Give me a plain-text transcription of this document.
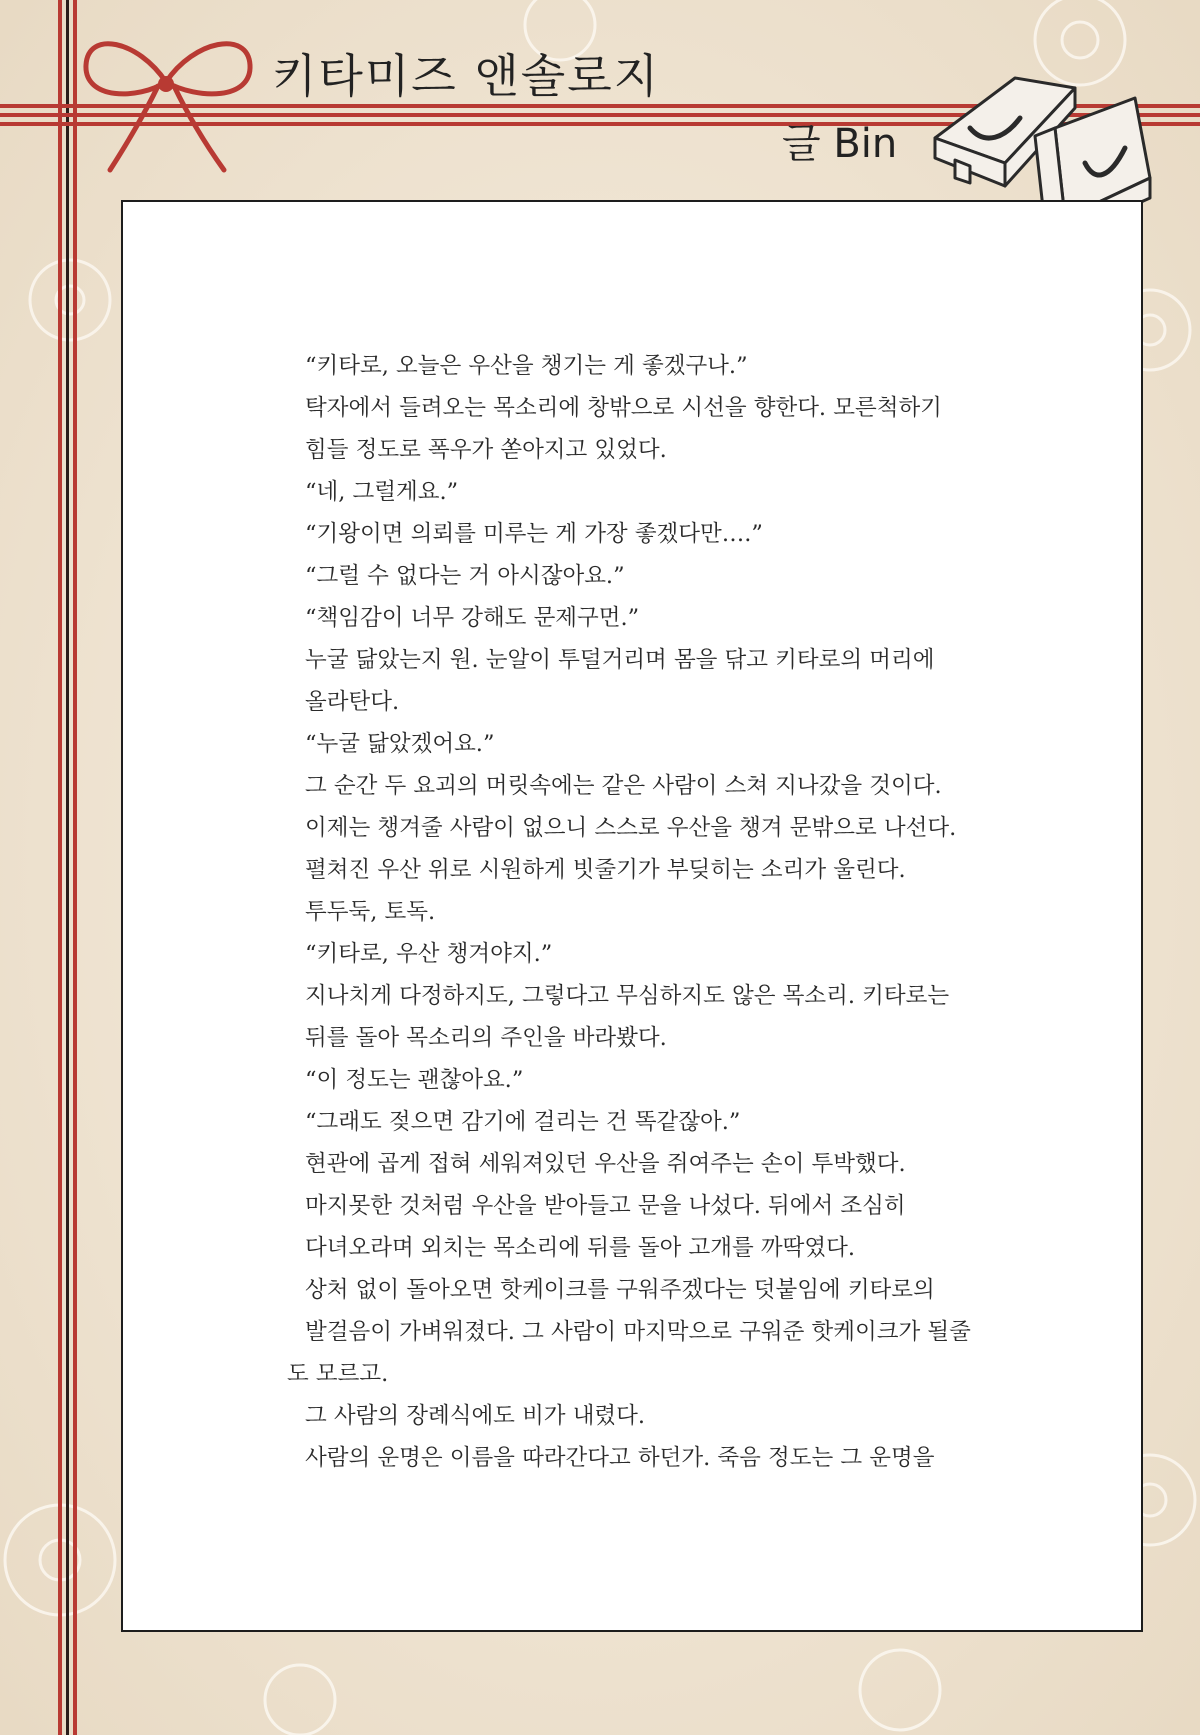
키타미즈 앤솔로지
글 Bin

“키타로, 오늘은 우산을 챙기는 게 좋겠구나.”

탁자에서 들려오는 목소리에 창밖으로 시선을 향한다. 모른척하기

힘들 정도로 폭우가 쏟아지고 있었다.

“네, 그럴게요.”

“기왕이면 의뢰를 미루는 게 가장 좋겠다만….”

“그럴 수 없다는 거 아시잖아요.”

“책임감이 너무 강해도 문제구먼.”

누굴 닮았는지 원. 눈알이 투덜거리며 몸을 닦고 키타로의 머리에

올라탄다.

“누굴 닮았겠어요.”

그 순간 두 요괴의 머릿속에는 같은 사람이 스쳐 지나갔을 것이다.

이제는 챙겨줄 사람이 없으니 스스로 우산을 챙겨 문밖으로 나선다.

펼쳐진 우산 위로 시원하게 빗줄기가 부딪히는 소리가 울린다.

투두둑, 토독.

“키타로, 우산 챙겨야지.”

지나치게 다정하지도, 그렇다고 무심하지도 않은 목소리. 키타로는

뒤를 돌아 목소리의 주인을 바라봤다.

“이 정도는 괜찮아요.”

“그래도 젖으면 감기에 걸리는 건 똑같잖아.”

현관에 곱게 접혀 세워져있던 우산을 쥐여주는 손이 투박했다.

마지못한 것처럼 우산을 받아들고 문을 나섰다. 뒤에서 조심히

다녀오라며 외치는 목소리에 뒤를 돌아 고개를 까딱였다.

상처 없이 돌아오면 핫케이크를 구워주겠다는 덧붙임에 키타로의

발걸음이 가벼워졌다. 그 사람이 마지막으로 구워준 핫케이크가 될줄

도 모르고.

그 사람의 장례식에도 비가 내렸다.

사람의 운명은 이름을 따라간다고 하던가. 죽음 정도는 그 운명을
